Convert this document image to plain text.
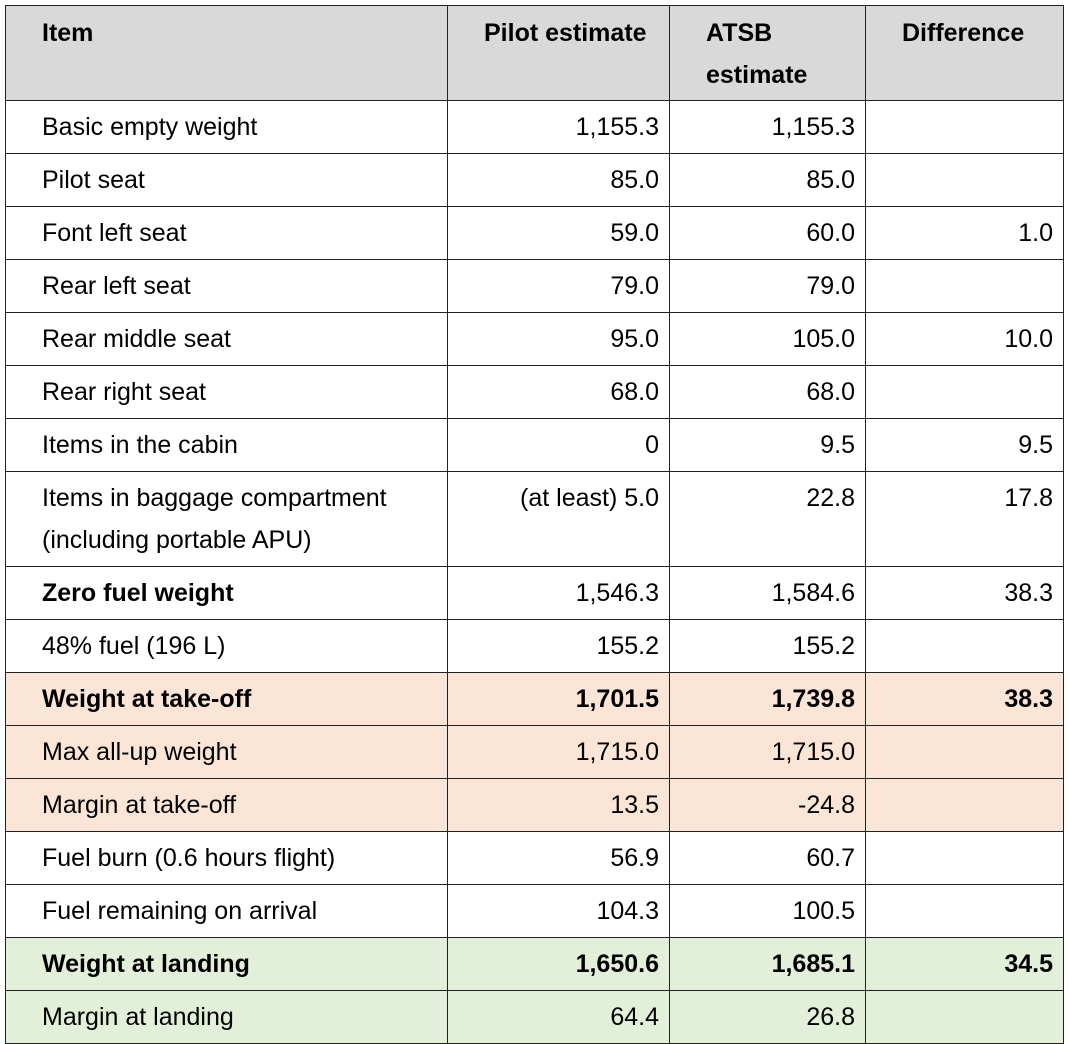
Item	Pilot estimate	ATSB estimate	Difference
Basic empty weight	1,155.3	1,155.3	
Pilot seat	85.0	85.0	
Font left seat	59.0	60.0	1.0
Rear left seat	79.0	79.0	
Rear middle seat	95.0	105.0	10.0
Rear right seat	68.0	68.0	
Items in the cabin	0	9.5	9.5
Items in baggage compartment (including portable APU)	(at least) 5.0	22.8	17.8
Zero fuel weight	1,546.3	1,584.6	38.3
48% fuel (196 L)	155.2	155.2	
Weight at take-off	1,701.5	1,739.8	38.3
Max all-up weight	1,715.0	1,715.0	
Margin at take-off	13.5	-24.8	
Fuel burn (0.6 hours flight)	56.9	60.7	
Fuel remaining on arrival	104.3	100.5	
Weight at landing	1,650.6	1,685.1	34.5
Margin at landing	64.4	26.8	
